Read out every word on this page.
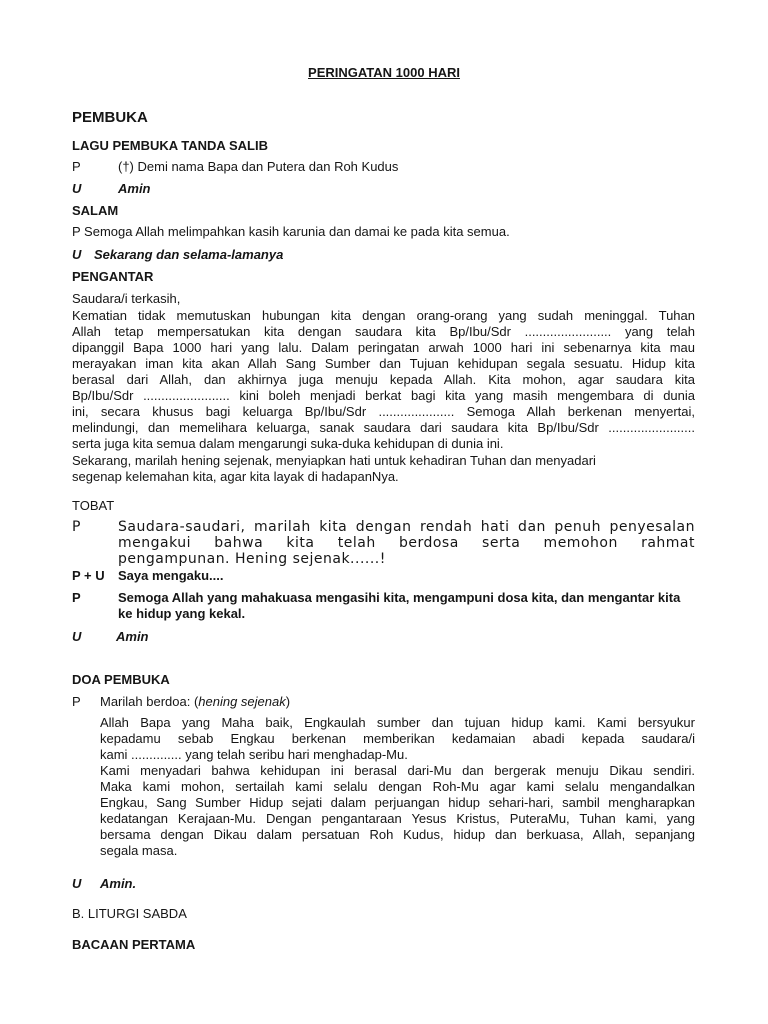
PERINGATAN 1000 HARI
PEMBUKA
LAGU PEMBUKA TANDA SALIB
P	(†) Demi nama Bapa dan Putera dan Roh Kudus
U	Amin
SALAM
P Semoga Allah melimpahkan kasih karunia dan damai ke pada kita semua.
U Sekarang dan selama-lamanya
PENGANTAR
Saudara/i terkasih,
Kematian tidak memutuskan hubungan kita dengan orang-orang yang sudah meninggal. Tuhan
Allah tetap mempersatukan kita dengan saudara kita Bp/Ibu/Sdr ........................ yang telah
dipanggil Bapa 1000 hari yang lalu. Dalam peringatan arwah 1000 hari ini sebenarnya kita mau
merayakan iman kita akan Allah Sang Sumber dan Tujuan kehidupan segala sesuatu. Hidup kita
berasal dari Allah, dan akhirnya juga menuju kepada Allah. Kita mohon, agar saudara kita
Bp/Ibu/Sdr ........................ kini boleh menjadi berkat bagi kita yang masih mengembara di dunia
ini, secara khusus bagi keluarga Bp/Ibu/Sdr ..................... Semoga Allah berkenan menyertai,
melindungi, dan memelihara keluarga, sanak saudara dari saudara kita Bp/Ibu/Sdr ........................
serta juga kita semua dalam mengarungi suka-duka kehidupan di dunia ini.
Sekarang, marilah hening sejenak, menyiapkan hati untuk kehadiran Tuhan dan menyadari
segenap kelemahan kita, agar kita layak di hadapanNya.
TOBAT
P	Saudara-saudari, marilah kita dengan rendah hati dan penuh penyesalan
mengakui bahwa kita telah berdosa serta memohon rahmat
pengampunan. Hening sejenak......!
P + U Saya mengaku....
P	Semoga Allah yang mahakuasa mengasihi kita, mengampuni dosa kita, dan mengantar kita
ke hidup yang kekal.
U	Amin
DOA PEMBUKA
P Marilah berdoa: (hening sejenak)
Allah Bapa yang Maha baik, Engkaulah sumber dan tujuan hidup kami. Kami bersyukur
kepadamu sebab Engkau berkenan memberikan kedamaian abadi kepada saudara/i
kami .............. yang telah seribu hari menghadap-Mu.
Kami menyadari bahwa kehidupan ini berasal dari-Mu dan bergerak menuju Dikau sendiri.
Maka kami mohon, sertailah kami selalu dengan Roh-Mu agar kami selalu mengandalkan
Engkau, Sang Sumber Hidup sejati dalam perjuangan hidup sehari-hari, sambil mengharapkan
kedatangan Kerajaan-Mu. Dengan pengantaraan Yesus Kristus, PuteraMu, Tuhan kami, yang
bersama dengan Dikau dalam persatuan Roh Kudus, hidup dan berkuasa, Allah, sepanjang
segala masa.
U Amin.
B. LITURGI SABDA
BACAAN PERTAMA
